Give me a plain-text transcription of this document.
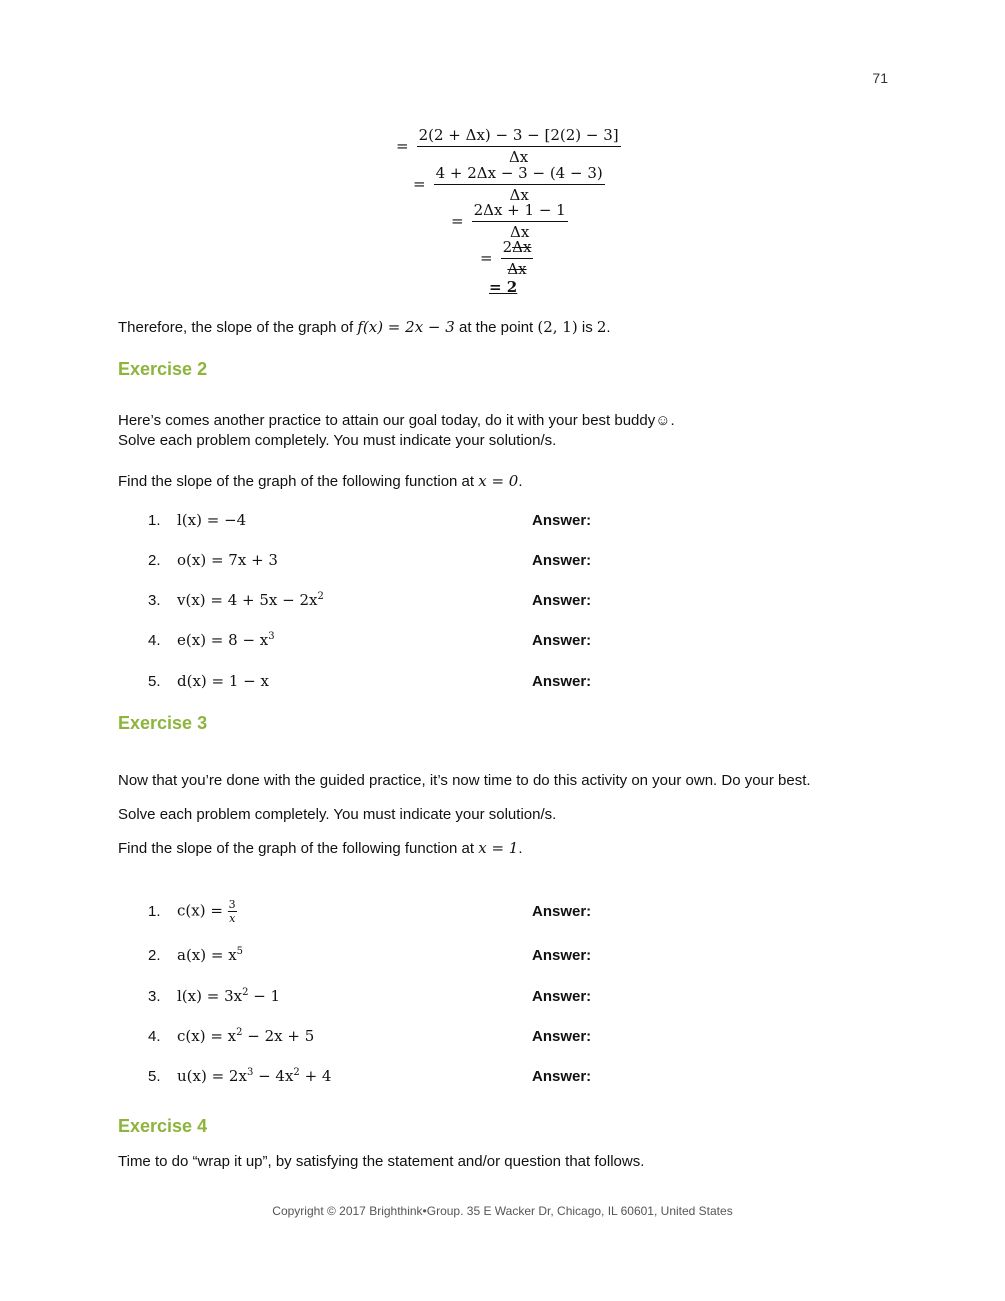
71
= $\frac{2(2 + \Delta x) - 3 - [2(2) - 3]}{\Delta x}$
= $\frac{4 + 2\Delta x - 3 - (4 - 3)}{\Delta x}$
= $\frac{2\Delta x + 1 - 1}{\Delta x}$
= $\frac{2\Delta x}{\Delta x}$
= 2
Therefore, the slope of the graph of f(x) = 2x − 3 at the point (2, 1) is 2.
Exercise 2
Here’s comes another practice to attain our goal today, do it with your best buddy☺.
Solve each problem completely. You must indicate your solution/s.
Find the slope of the graph of the following function at x = 0.
1. l(x) = −4	Answer:
2. o(x) = 7x + 3	Answer:
3. $v(x) = 4 + 5x - 2x^2$	Answer:
4. $e(x) = 8 - x^3$	Answer:
5. d(x) = 1 − x	Answer:
Exercise 3
Now that you’re done with the guided practice, it’s now time to do this activity on your own. Do your best.
Solve each problem completely. You must indicate your solution/s.
Find the slope of the graph of the following function at x = 1.
1. $c(x) = \frac{3}{x}$	Answer:
2. $a(x) = x^5$	Answer:
3. $l(x) = 3x^2 - 1$	Answer:
4. $c(x) = x^2 - 2x + 5$	Answer:
5. $u(x) = 2x^3 - 4x^2 + 4$	Answer:
Exercise 4
Time to do “wrap it up”, by satisfying the statement and/or question that follows.
Copyright © 2017 Brighthink•Group. 35 E Wacker Dr, Chicago, IL 60601, United States
